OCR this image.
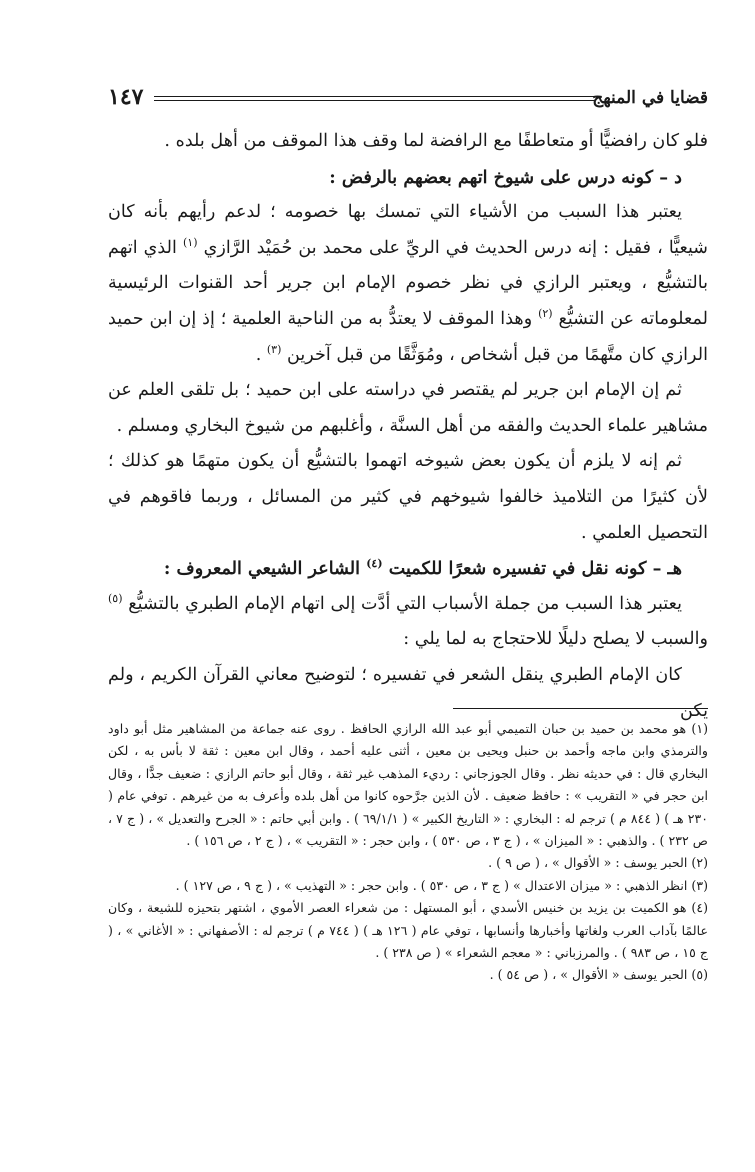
قضايا في المنهج
١٤٧

فلو كان رافضيًّا أو متعاطفًا مع الرافضة لما وقف هذا الموقف من أهل بلده .

د – كونه درس على شيوخ اتهم بعضهم بالرفض :

يعتبر هذا السبب من الأشياء التي تمسك بها خصومه ؛ لدعم رأيهم بأنه كان شيعيًّا ، فقيل : إنه درس الحديث في الريِّ على محمد بن حُمَيْد الرَّازي $^{(١)}$ الذي اتهم بالتشيُّع ، ويعتبر الرازي في نظر خصوم الإمام ابن جرير أحد القنوات الرئيسية لمعلوماته عن التشيُّع $^{(٢)}$ وهذا الموقف لا يعتدُّ به من الناحية العلمية ؛ إذ إن ابن حميد الرازي كان متَّهمًا من قبل أشخاص ، ومُوَثَّقًا من قبل آخرين $^{(٣)}$ .

ثم إن الإمام ابن جرير لم يقتصر في دراسته على ابن حميد ؛ بل تلقى العلم عن مشاهير علماء الحديث والفقه من أهل السنَّة ، وأغلبهم من شيوخ البخاري ومسلم .

ثم إنه لا يلزم أن يكون بعض شيوخه اتهموا بالتشيُّع أن يكون متهمًا هو كذلك ؛ لأن كثيرًا من التلاميذ خالفوا شيوخهم في كثير من المسائل ، وربما فاقوهم في التحصيل العلمي .

هـ – كونه نقل في تفسيره شعرًا للكميت $^{(٤)}$ الشاعر الشيعي المعروف :

يعتبر هذا السبب من جملة الأسباب التي أدَّت إلى اتهام الإمام الطبري بالتشيُّع $^{(٥)}$ والسبب لا يصلح دليلًا للاحتجاج به لما يلي :

كان الإمام الطبري ينقل الشعر في تفسيره ؛ لتوضيح معاني القرآن الكريم ، ولم يكن

(١) هو محمد بن حميد بن حبان التميمي أبو عبد الله الرازي الحافظ . روى عنه جماعة من المشاهير مثل أبو داود والترمذي وابن ماجه وأحمد بن حنبل ويحيى بن معين ، أثنى عليه أحمد ، وقال ابن معين : ثقة لا بأس به ، لكن البخاري قال : في حديثه نظر . وقال الجوزجاني : رديء المذهب غير ثقة ، وقال أبو حاتم الرازي : ضعيف جدًّا ، وقال ابن حجر في « التقريب » : حافظ ضعيف . لأن الذين جرَّحوه كانوا من أهل بلده وأعرف به من غيرهم . توفي عام ( ٢٣٠ هـ ) ( ٨٤٤ م ) ترجم له : البخاري : « التاريخ الكبير » ( ٦٩/١/١ ) . وابن أبي حاتم : « الجرح والتعديل » ، ( ج ٧ ، ص ٢٣٢ ) . والذهبي : « الميزان » ، ( ج ٣ ، ص ٥٣٠ ) ، وابن حجر : « التقريب » ، ( ج ٢ ، ص ١٥٦ ) .

(٢) الحبر يوسف : « الأقوال » ، ( ص ٩ ) .

(٣) انظر الذهبي : « ميزان الاعتدال » ( ج ٣ ، ص ٥٣٠ ) . وابن حجر : « التهذيب » ، ( ج ٩ ، ص ١٢٧ ) .

(٤) هو الكميت بن يزيد بن خنيس الأسدي ، أبو المستهل : من شعراء العصر الأموي ، اشتهر بتحيزه للشيعة ، وكان عالمًا بآداب العرب ولغاتها وأخبارها وأنسابها ، توفي عام ( ١٢٦ هـ ) ( ٧٤٤ م ) ترجم له : الأصفهاني : « الأغاني » ، ( ج ١٥ ، ص ٩٨٣ ) . والمرزباني : « معجم الشعراء » ( ص ٢٣٨ ) .

(٥) الحبر يوسف « الأقوال » ، ( ص ٥٤ ) .
